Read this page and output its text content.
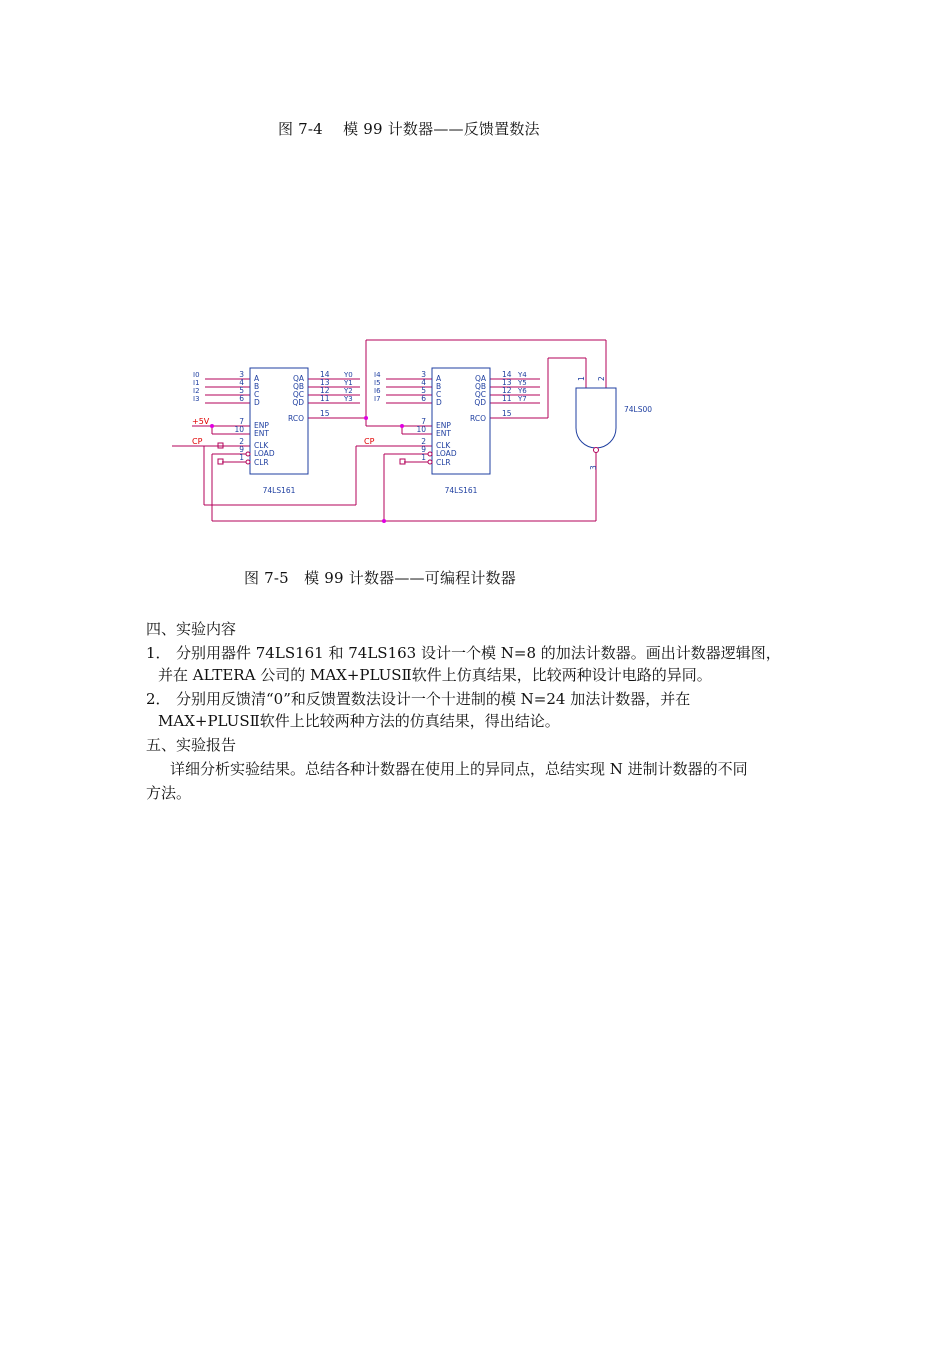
图 7-4　 模 99 计数器——反馈置数法
A
B
C
D
ENP
ENT
CLK
LOAD
CLR
QA
QB
QC
QD
RCO
3
4
5
6
14
13
12
11
15
7
10
2
9
1
I0
I1
I2
I3
Y0
Y1
Y2
Y3
74LS161
A
B
C
D
ENP
ENT
CLK
LOAD
CLR
QA
QB
QC
QD
RCO
3
4
5
6
14
13
12
11
15
7
10
2
9
1
I4
I5
I6
I7
Y4
Y5
Y6
Y7
74LS161
+5V
CP	CP
74LS00
1 2
3
图 7-5　模 99 计数器——可编程计数器
四、实验内容
1． 分别用器件 74LS161 和 74LS163 设计一个模 N=8 的加法计数器。画出计数器逻辑图，
并在 ALTERA 公司的 MAX+PLUSⅡ软件上仿真结果，比较两种设计电路的异同。
2． 分别用反馈清“0”和反馈置数法设计一个十进制的模 N=24 加法计数器，并在
MAX+PLUSⅡ软件上比较两种方法的仿真结果，得出结论。
五、实验报告
详细分析实验结果。总结各种计数器在使用上的异同点，总结实现 N 进制计数器的不同
方法。
